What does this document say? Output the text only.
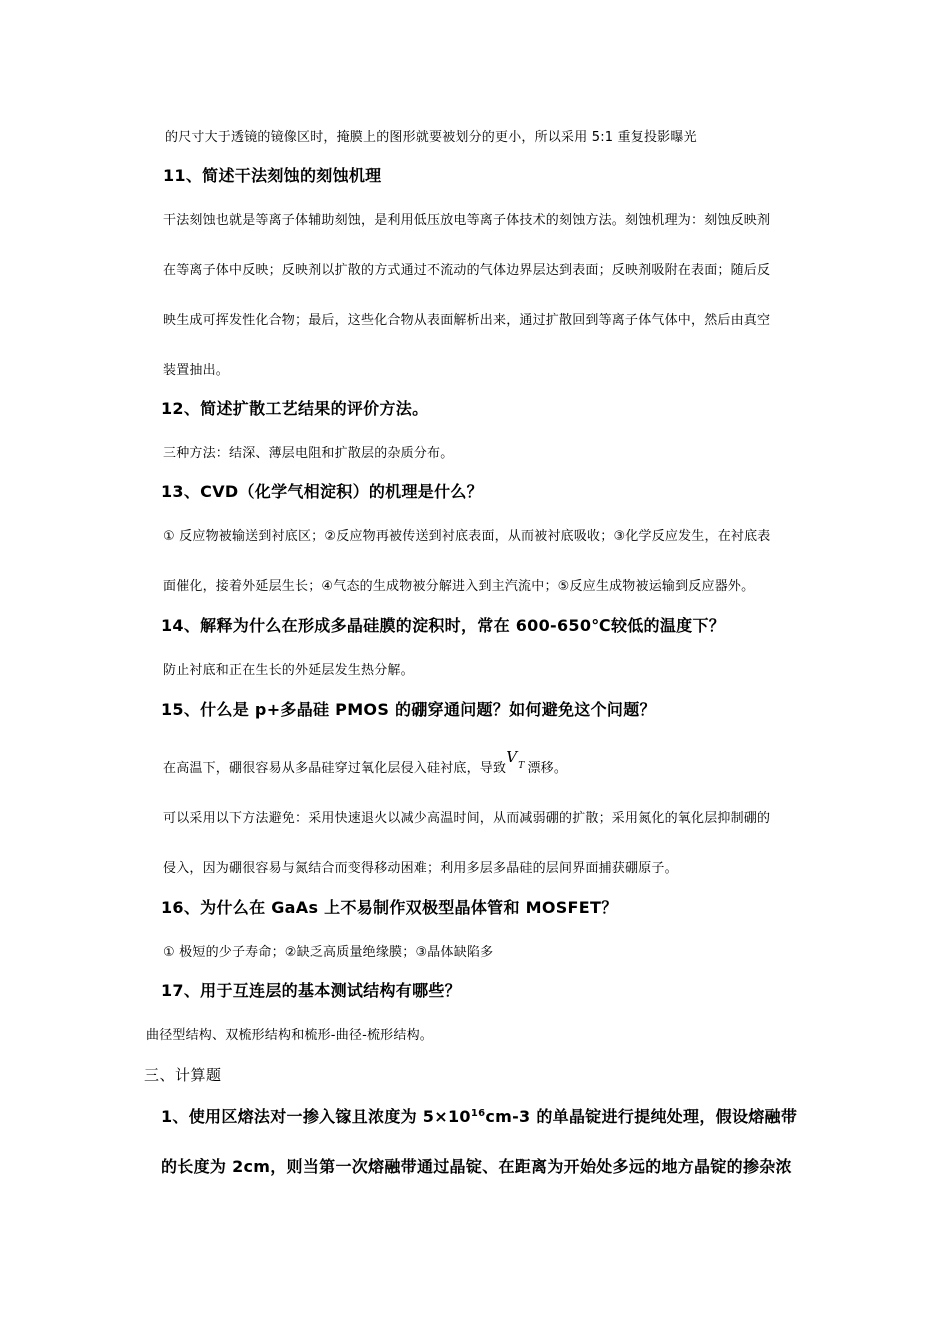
的尺寸大于透镜的镜像区时，掩膜上的图形就要被划分的更小，所以采用 5:1 重复投影曝光
11、简述干法刻蚀的刻蚀机理
干法刻蚀也就是等离子体辅助刻蚀，是利用低压放电等离子体技术的刻蚀方法。刻蚀机理为：刻蚀反映剂
在等离子体中反映；反映剂以扩散的方式通过不流动的气体边界层达到表面；反映剂吸附在表面；随后反
映生成可挥发性化合物；最后，这些化合物从表面解析出来，通过扩散回到等离子体气体中，然后由真空
装置抽出。
12、简述扩散工艺结果的评价方法。
三种方法：结深、薄层电阻和扩散层的杂质分布。
13、CVD（化学气相淀积）的机理是什么？
① 反应物被输送到衬底区；②反应物再被传送到衬底表面，从而被衬底吸收；③化学反应发生，在衬底表
面催化，接着外延层生长；④气态的生成物被分解进入到主汽流中；⑤反应生成物被运输到反应器外。
14、解释为什么在形成多晶硅膜的淀积时，常在 600-650℃较低的温度下？
防止衬底和正在生长的外延层发生热分解。
15、什么是 p+多晶硅 PMOS 的硼穿通问题？如何避免这个问题？
在高温下，硼很容易从多晶硅穿过氧化层侵入硅衬底，导致$V^T$ 漂移。
可以采用以下方法避免：采用快速退火以减少高温时间，从而减弱硼的扩散；采用氮化的氧化层抑制硼的
侵入，因为硼很容易与氮结合而变得移动困难；利用多层多晶硅的层间界面捕获硼原子。
16、为什么在 GaAs 上不易制作双极型晶体管和 MOSFET？
① 极短的少子寿命；②缺乏高质量绝缘膜；③晶体缺陷多
17、用于互连层的基本测试结构有哪些？
曲径型结构、双梳形结构和梳形-曲径-梳形结构。
三、计算题
1、使用区熔法对一掺入镓且浓度为 $5\times 10^{16}cm-3$ 的单晶锭进行提纯处理，假设熔融带
的长度为 2cm，则当第一次熔融带通过晶锭、在距离为开始处多远的地方晶锭的掺杂浓
